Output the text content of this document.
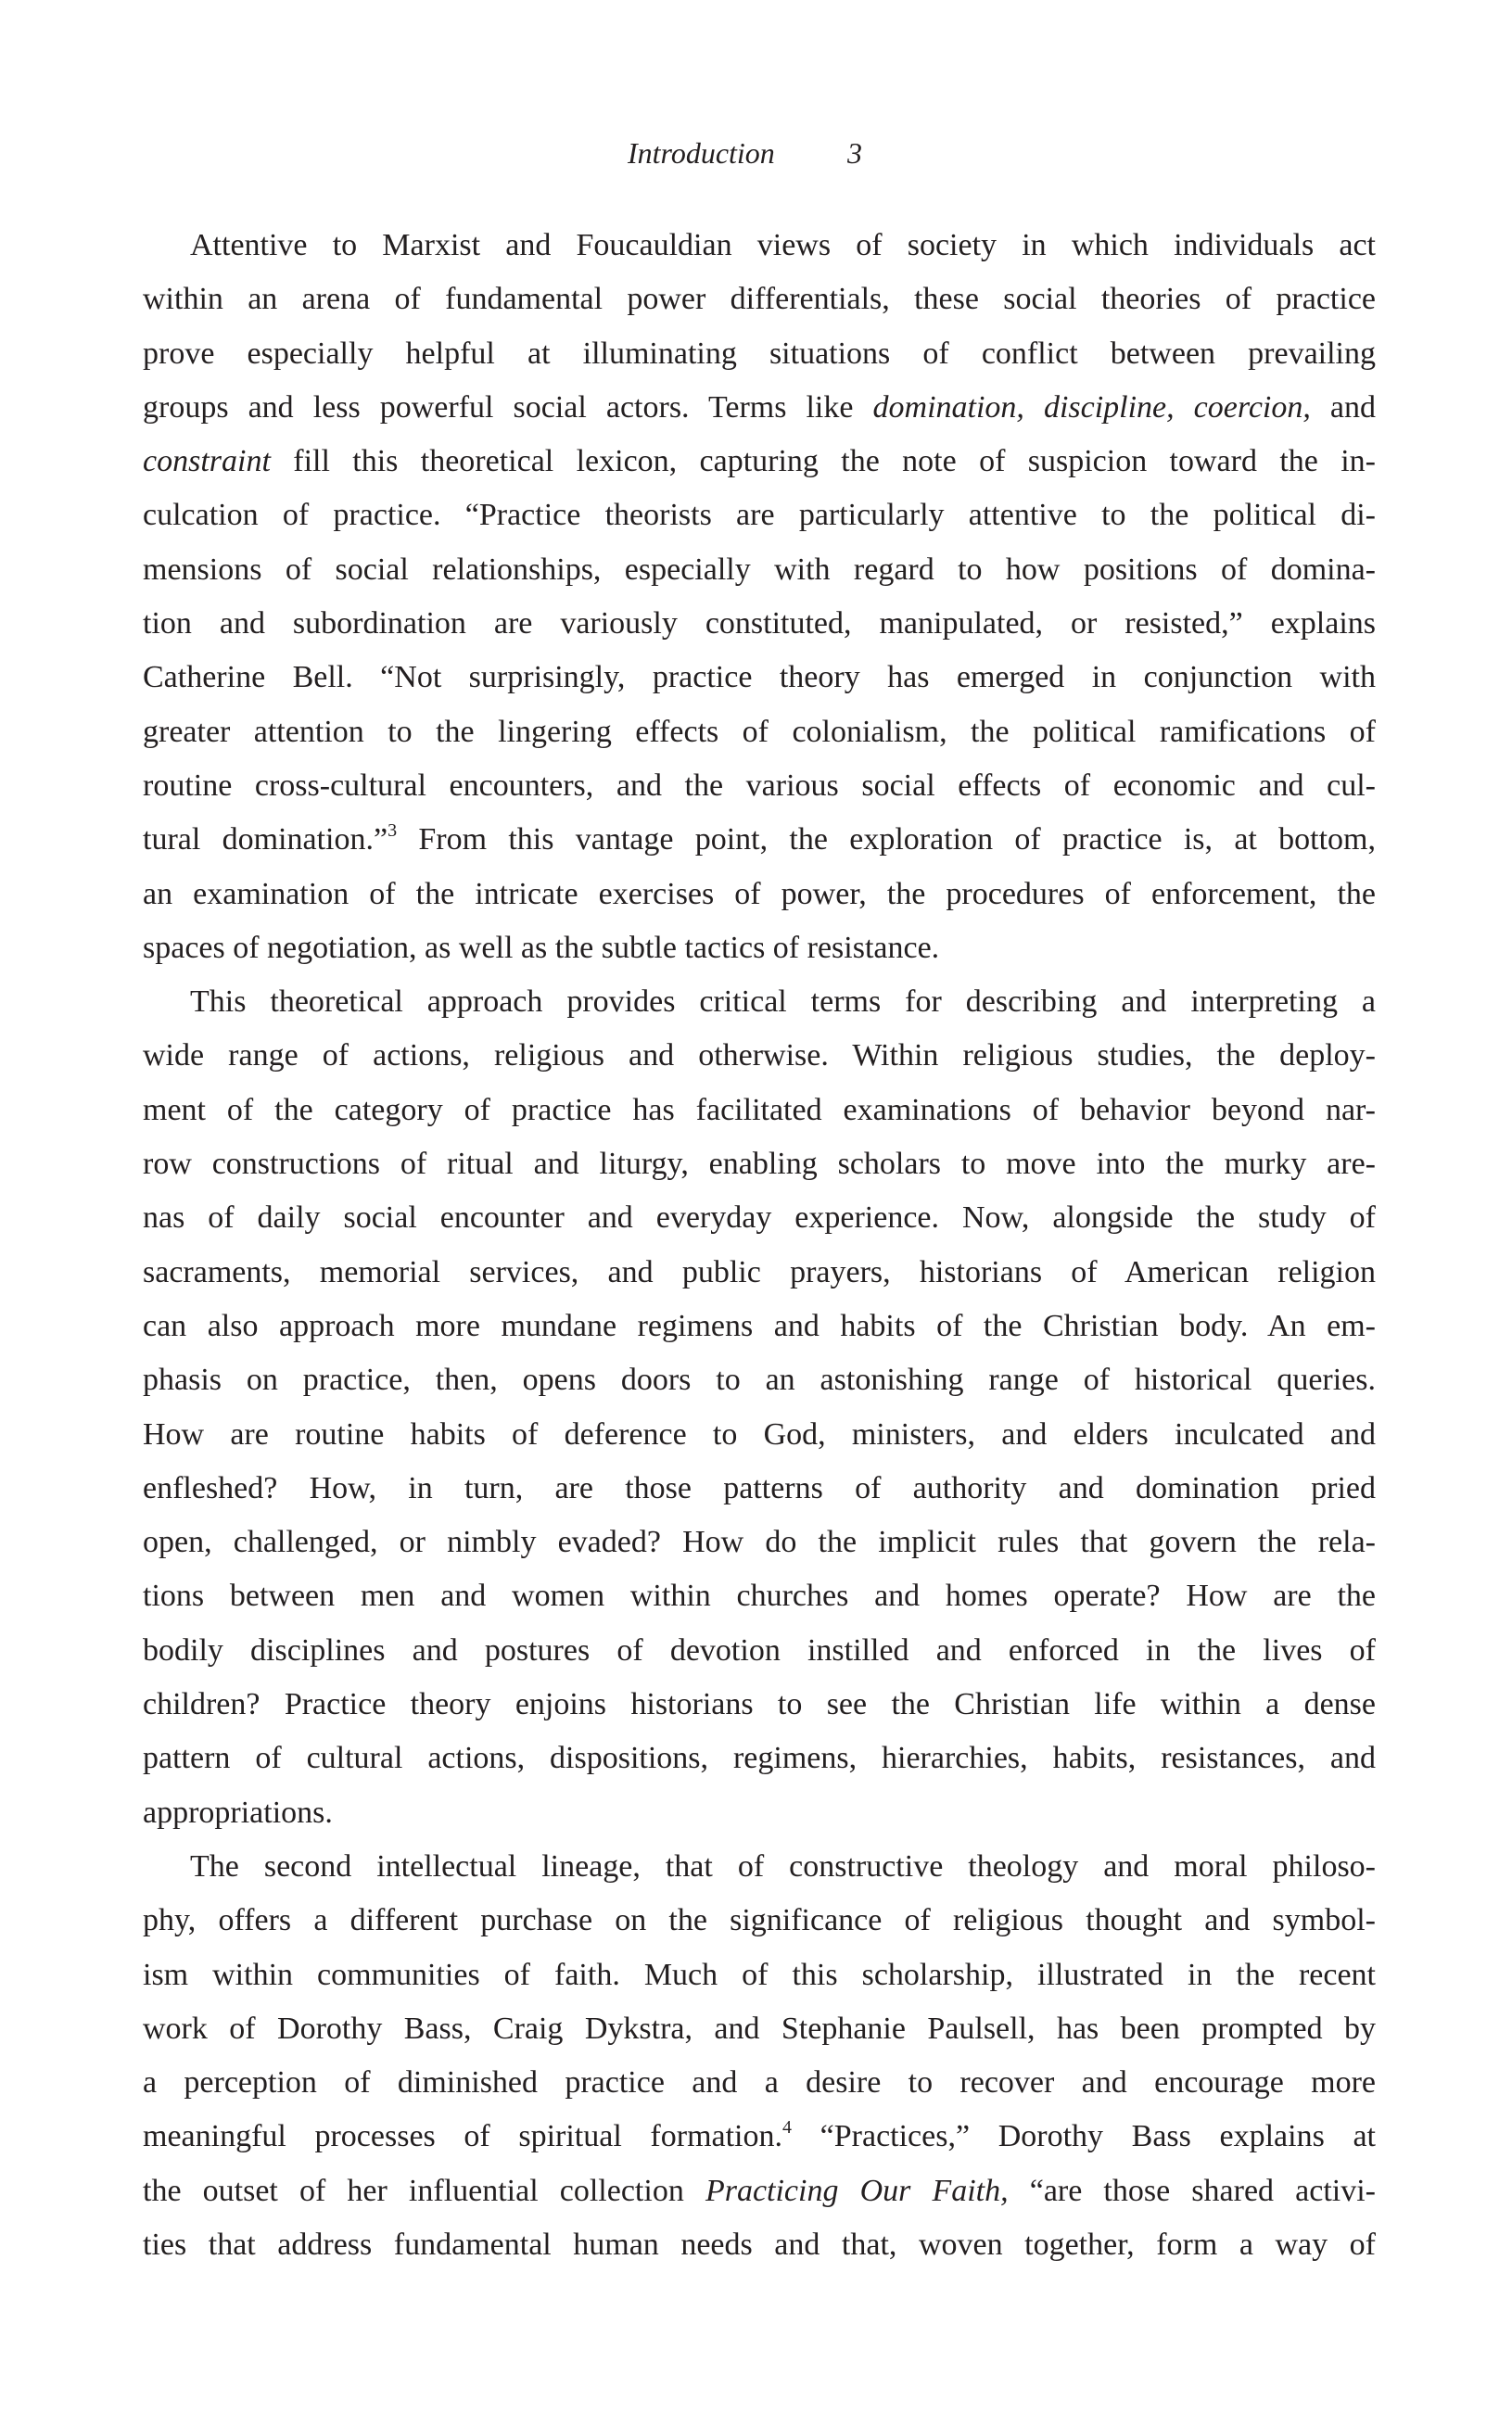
Introduction 3
Attentive to Marxist and Foucauldian views of society in which individuals act
within an arena of fundamental power differentials, these social theories of practice
prove especially helpful at illuminating situations of conflict between prevailing
groups and less powerful social actors. Terms like domination, discipline, coercion, and
constraint fill this theoretical lexicon, capturing the note of suspicion toward the in-
culcation of practice. “Practice theorists are particularly attentive to the political di-
mensions of social relationships, especially with regard to how positions of domina-
tion and subordination are variously constituted, manipulated, or resisted,” explains
Catherine Bell. “Not surprisingly, practice theory has emerged in conjunction with
greater attention to the lingering effects of colonialism, the political ramifications of
routine cross-cultural encounters, and the various social effects of economic and cul-
tural domination.”$^3$ From this vantage point, the exploration of practice is, at bottom,
an examination of the intricate exercises of power, the procedures of enforcement, the
spaces of negotiation, as well as the subtle tactics of resistance.
This theoretical approach provides critical terms for describing and interpreting a
wide range of actions, religious and otherwise. Within religious studies, the deploy-
ment of the category of practice has facilitated examinations of behavior beyond nar-
row constructions of ritual and liturgy, enabling scholars to move into the murky are-
nas of daily social encounter and everyday experience. Now, alongside the study of
sacraments, memorial services, and public prayers, historians of American religion
can also approach more mundane regimens and habits of the Christian body. An em-
phasis on practice, then, opens doors to an astonishing range of historical queries.
How are routine habits of deference to God, ministers, and elders inculcated and
enfleshed? How, in turn, are those patterns of authority and domination pried
open, challenged, or nimbly evaded? How do the implicit rules that govern the rela-
tions between men and women within churches and homes operate? How are the
bodily disciplines and postures of devotion instilled and enforced in the lives of
children? Practice theory enjoins historians to see the Christian life within a dense
pattern of cultural actions, dispositions, regimens, hierarchies, habits, resistances, and
appropriations.
The second intellectual lineage, that of constructive theology and moral philoso-
phy, offers a different purchase on the significance of religious thought and symbol-
ism within communities of faith. Much of this scholarship, illustrated in the recent
work of Dorothy Bass, Craig Dykstra, and Stephanie Paulsell, has been prompted by
a perception of diminished practice and a desire to recover and encourage more
meaningful processes of spiritual formation.$^4$ “Practices,” Dorothy Bass explains at
the outset of her influential collection Practicing Our Faith, “are those shared activi-
ties that address fundamental human needs and that, woven together, form a way of
